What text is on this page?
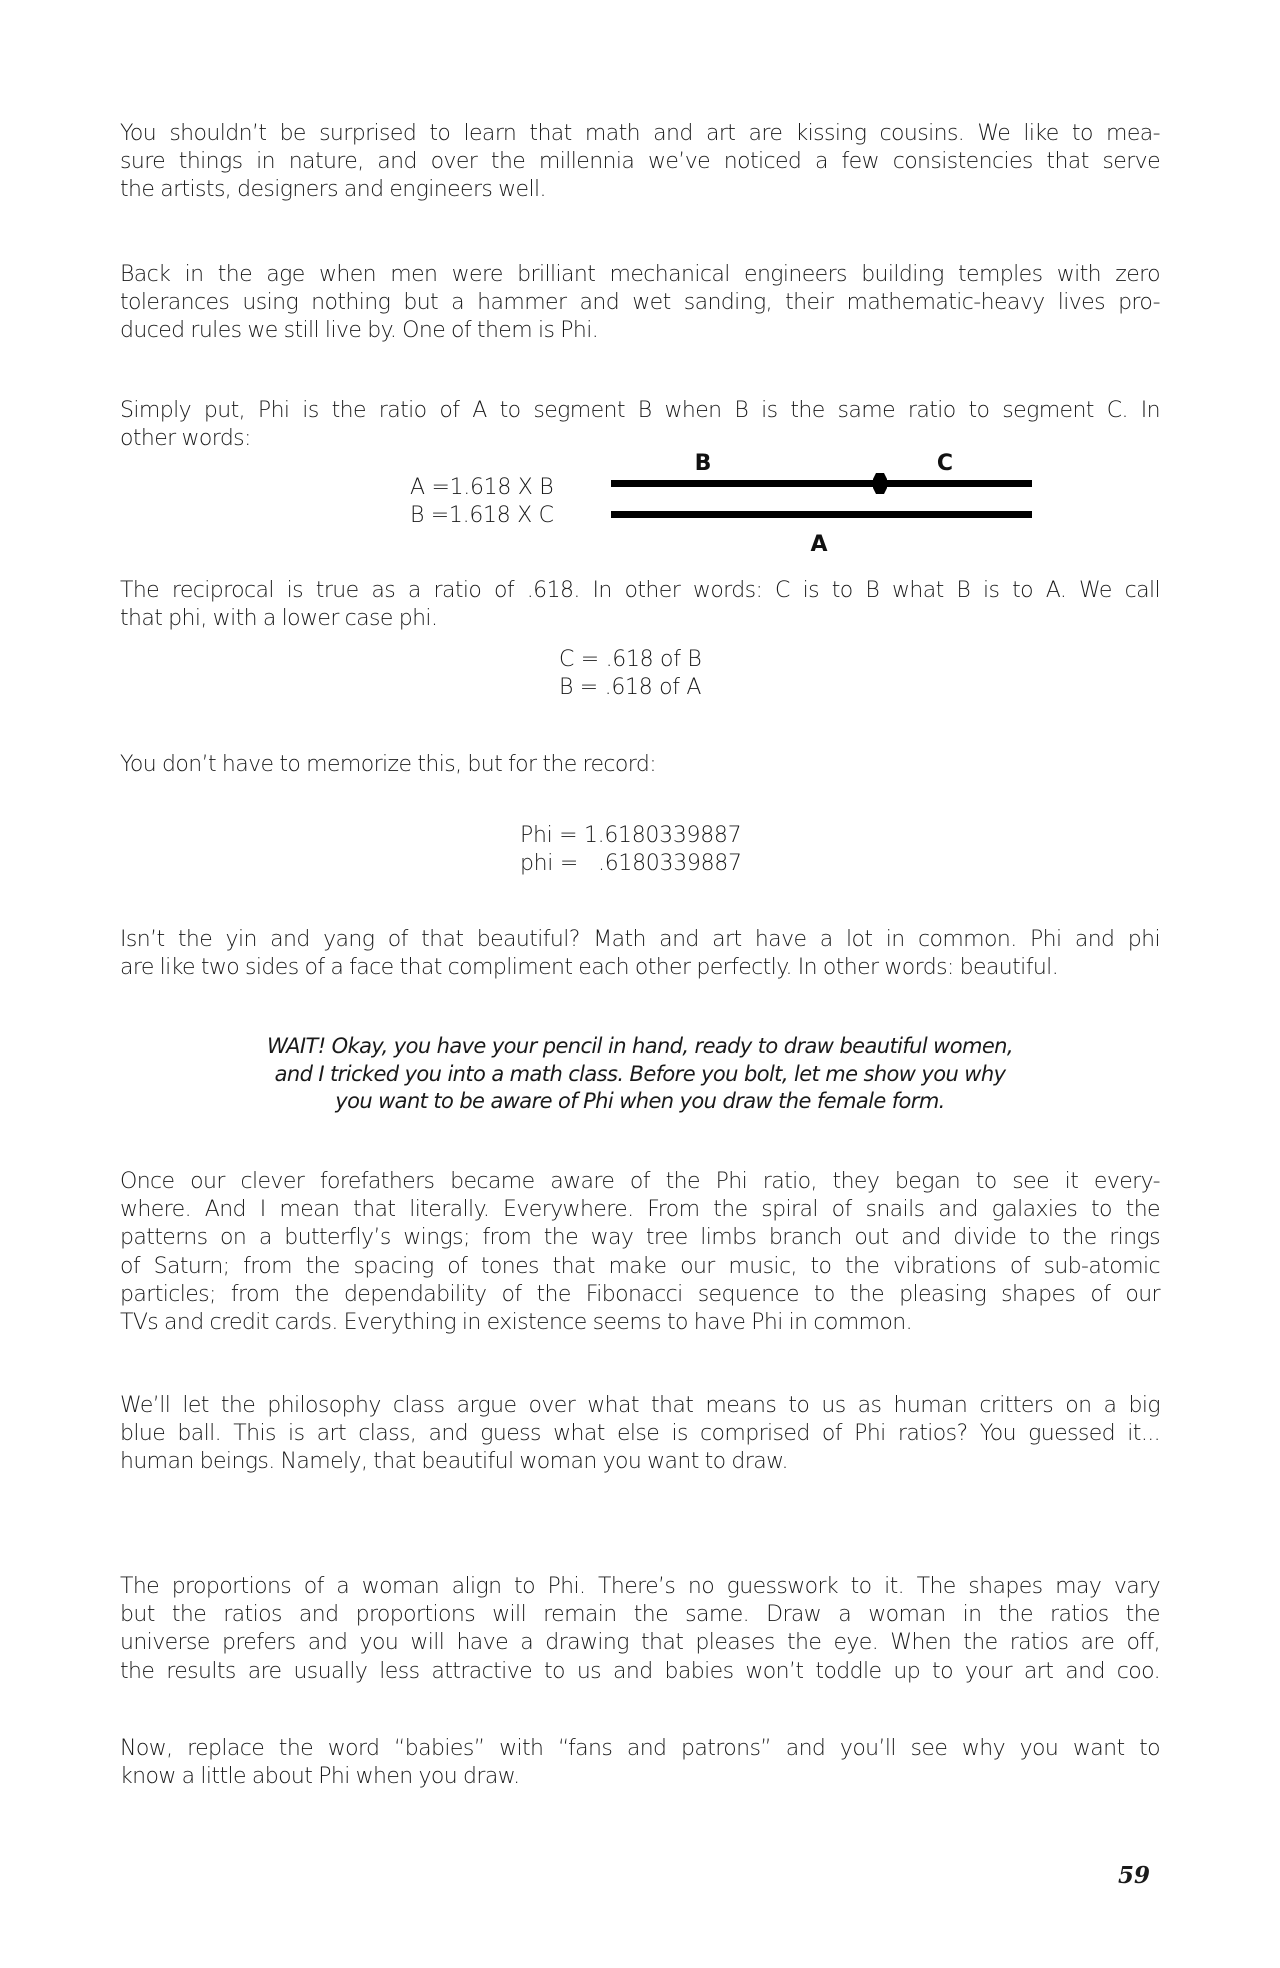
You shouldn’t be surprised to learn that math and art are kissing cousins. We like to mea-
sure things in nature, and over the millennia we’ve noticed a few consistencies that serve
the artists, designers and engineers well.
Back in the age when men were brilliant mechanical engineers building temples with zero
tolerances using nothing but a hammer and wet sanding, their mathematic-heavy lives pro-
duced rules we still live by. One of them is Phi.
Simply put, Phi is the ratio of A to segment B when B is the same ratio to segment C. In
other words:
A =1.618 X B
B =1.618 X C
B	C
A
The reciprocal is true as a ratio of .618. In other words: C is to B what B is to A. We call
that phi, with a lower case phi.
C = .618 of B
B = .618 of A
You don’t have to memorize this, but for the record:
Phi = 1.6180339887
phi =   .6180339887
Isn’t the yin and yang of that beautiful? Math and art have a lot in common. Phi and phi
are like two sides of a face that compliment each other perfectly. In other words: beautiful.
WAIT! Okay, you have your pencil in hand, ready to draw beautiful women,
and I tricked you into a math class. Before you bolt, let me show you why
you want to be aware of Phi when you draw the female form.
Once our clever forefathers became aware of the Phi ratio, they began to see it every-
where. And I mean that literally. Everywhere. From the spiral of snails and galaxies to the
patterns on a butterfly’s wings; from the way tree limbs branch out and divide to the rings
of Saturn; from the spacing of tones that make our music, to the vibrations of sub-atomic
particles; from the dependability of the Fibonacci sequence to the pleasing shapes of our
TVs and credit cards. Everything in existence seems to have Phi in common.
We’ll let the philosophy class argue over what that means to us as human critters on a big
blue ball. This is art class, and guess what else is comprised of Phi ratios? You guessed it...
human beings. Namely, that beautiful woman you want to draw.
The proportions of a woman align to Phi. There’s no guesswork to it. The shapes may vary
but the ratios and proportions will remain the same. Draw a woman in the ratios the
universe prefers and you will have a drawing that pleases the eye. When the ratios are off,
the results are usually less attractive to us and babies won’t toddle up to your art and coo.
Now, replace the word “babies” with “fans and patrons” and you’ll see why you want to
know a little about Phi when you draw.
59
